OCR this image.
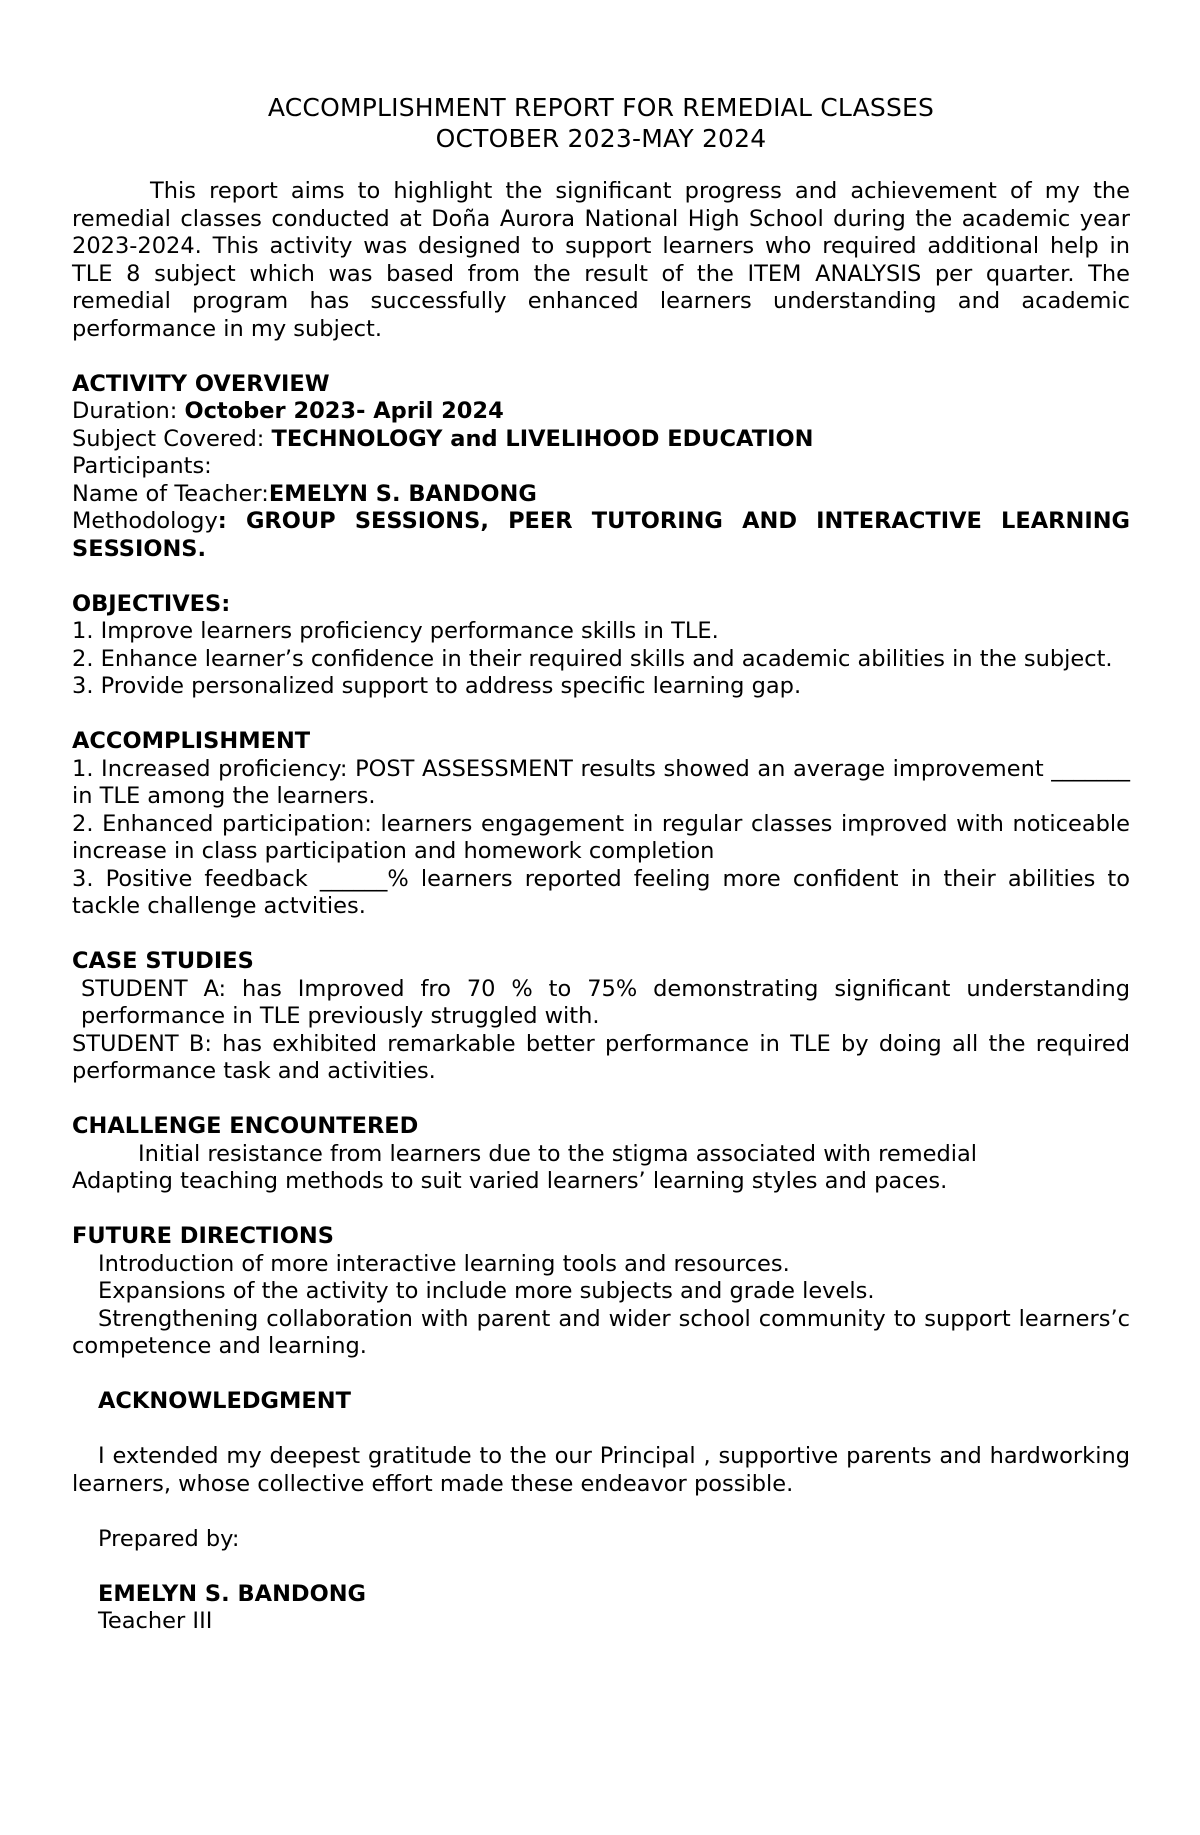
ACCOMPLISHMENT REPORT FOR REMEDIAL CLASSES
OCTOBER 2023-MAY 2024

This report aims to highlight the significant progress and achievement of my the remedial classes conducted at Doña Aurora National High School during the academic year 2023-2024. This activity was designed to support learners who required additional help in TLE 8 subject which was based from the result of the ITEM ANALYSIS per quarter. The remedial program has successfully enhanced learners understanding and academic performance in my subject.

ACTIVITY OVERVIEW

Duration: October 2023- April 2024

Subject Covered: TECHNOLOGY and LIVELIHOOD EDUCATION

Participants:

Name of Teacher:EMELYN S. BANDONG

Methodology: GROUP SESSIONS, PEER TUTORING AND INTERACTIVE LEARNING SESSIONS.

OBJECTIVES:

1. Improve learners proficiency performance skills in TLE.

2. Enhance learner’s confidence in their required skills and academic abilities in the subject.

3. Provide personalized support to address specific learning gap.

ACCOMPLISHMENT

1. Increased proficiency: POST ASSESSMENT results showed an average improvement _______ in TLE among the learners.

2. Enhanced participation: learners engagement in regular classes improved with noticeable increase in class participation and homework completion

3. Positive feedback ______% learners reported feeling more confident in their abilities to tackle challenge actvities.

CASE STUDIES

STUDENT A: has Improved fro 70 % to 75% demonstrating significant understanding performance in TLE previously struggled with.

STUDENT B: has exhibited remarkable better performance in TLE by doing all the required performance task and activities.

CHALLENGE ENCOUNTERED

Initial resistance from learners due to the stigma associated with remedial

Adapting teaching methods to suit varied learners’ learning styles and paces.

FUTURE DIRECTIONS

Introduction of more interactive learning tools and resources.

Expansions of the activity to include more subjects and grade levels.

Strengthening collaboration with parent and wider school community to support learners’c competence and learning.

ACKNOWLEDGMENT

I extended my deepest gratitude to the our Principal , supportive parents and hardworking learners, whose collective effort made these endeavor possible.

Prepared by:

EMELYN S. BANDONG

Teacher III
